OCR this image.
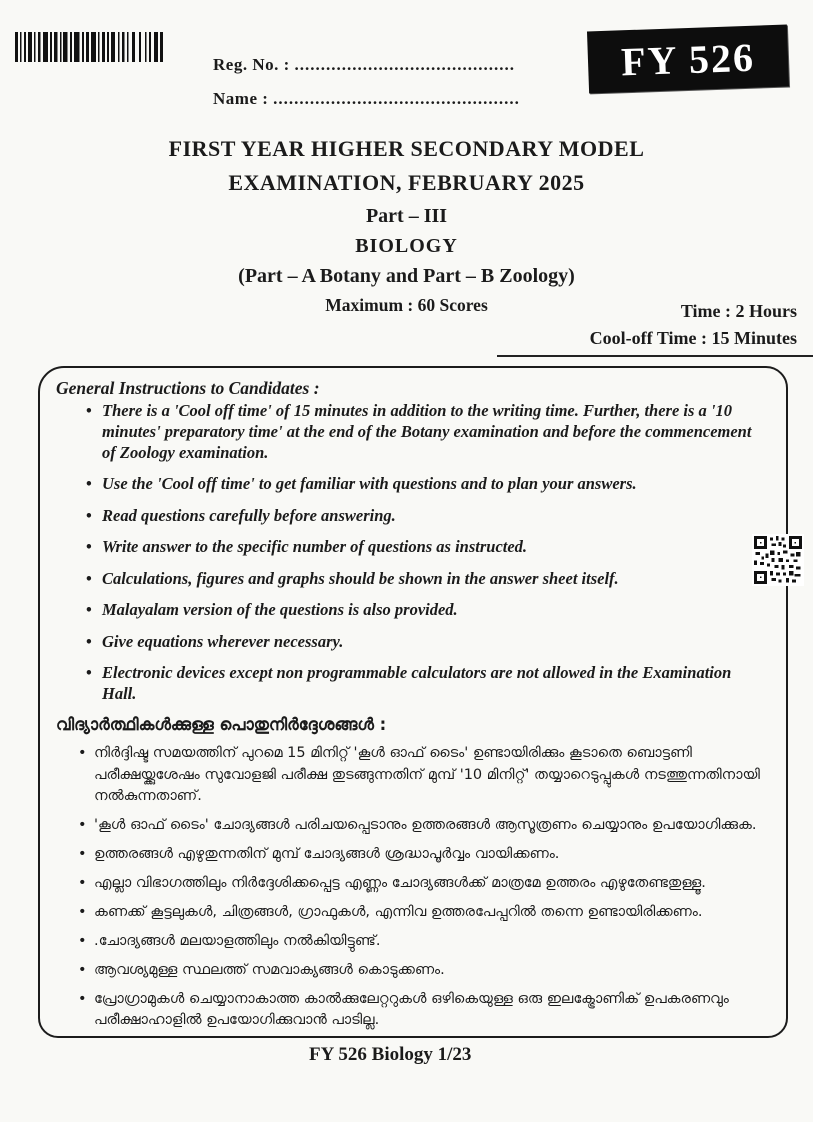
Reg. No. : ..........................................
Name : ...............................................
FY 526
FIRST YEAR HIGHER SECONDARY MODEL
EXAMINATION, FEBRUARY 2025
Part – III
BIOLOGY
(Part – A Botany and Part – B Zoology)
Maximum : 60 Scores	Time : 2 Hours
Cool-off Time : 15 Minutes
General Instructions to Candidates :
• There is a 'Cool off time' of 15 minutes in addition to the writing time. Further, there is a '10 minutes' preparatory time' at the end of the Botany examination and before the commencement of Zoology examination.
• Use the 'Cool off time' to get familiar with questions and to plan your answers.
• Read questions carefully before answering.
• Write answer to the specific number of questions as instructed.
• Calculations, figures and graphs should be shown in the answer sheet itself.
• Malayalam version of the questions is also provided.
• Give equations wherever necessary.
• Electronic devices except non programmable calculators are not allowed in the Examination Hall.
വിദ്യാർത്ഥികൾക്കുള്ള പൊതുനിർദ്ദേശങ്ങൾ :
• നിർദ്ദിഷ്ട സമയത്തിന് പുറമെ 15 മിനിറ്റ് 'കൂൾ ഓഫ് ടൈം' ഉണ്ടായിരിക്കും കൂടാതെ ബൊട്ടണി പരീക്ഷയ്ക്കുശേഷം സുവോളജി പരീക്ഷ തുടങ്ങുന്നതിന് മുമ്പ് '10 മിനിറ്റ്' തയ്യാറെടുപ്പുകൾ നടത്തുന്നതിനായി നൽകുന്നതാണ്.
• 'കൂൾ ഓഫ് ടൈം' ചോദ്യങ്ങൾ പരിചയപ്പെടാനും ഉത്തരങ്ങൾ ആസൂത്രണം ചെയ്യാനും ഉപയോഗിക്കുക.
• ഉത്തരങ്ങൾ എഴുതുന്നതിന് മുമ്പ് ചോദ്യങ്ങൾ ശ്രദ്ധാപൂർവ്വം വായിക്കണം.
• എല്ലാ വിഭാഗത്തിലും നിർദ്ദേശിക്കപ്പെട്ട എണ്ണം ചോദ്യങ്ങൾക്ക് മാത്രമേ ഉത്തരം എഴുതേണ്ടതുള്ളൂ.
• കണക്ക് കൂട്ടലുകൾ, ചിത്രങ്ങൾ, ഗ്രാഫുകൾ, എന്നിവ ഉത്തരപേപ്പറിൽ തന്നെ ഉണ്ടായിരിക്കണം.
• .ചോദ്യങ്ങൾ മലയാളത്തിലും നൽകിയിട്ടുണ്ട്.
• ആവശ്യമുള്ള സ്ഥലത്ത് സമവാക്യങ്ങൾ കൊടുക്കണം.
• പ്രോഗ്രാമുകൾ ചെയ്യാനാകാത്ത കാൽക്കുലേറ്ററുകൾ ഒഴികെയുള്ള ഒരു ഇലക്ട്രോണിക് ഉപകരണവും പരീക്ഷാഹാളിൽ ഉപയോഗിക്കുവാൻ പാടില്ല.
FY 526 Biology 1/23
